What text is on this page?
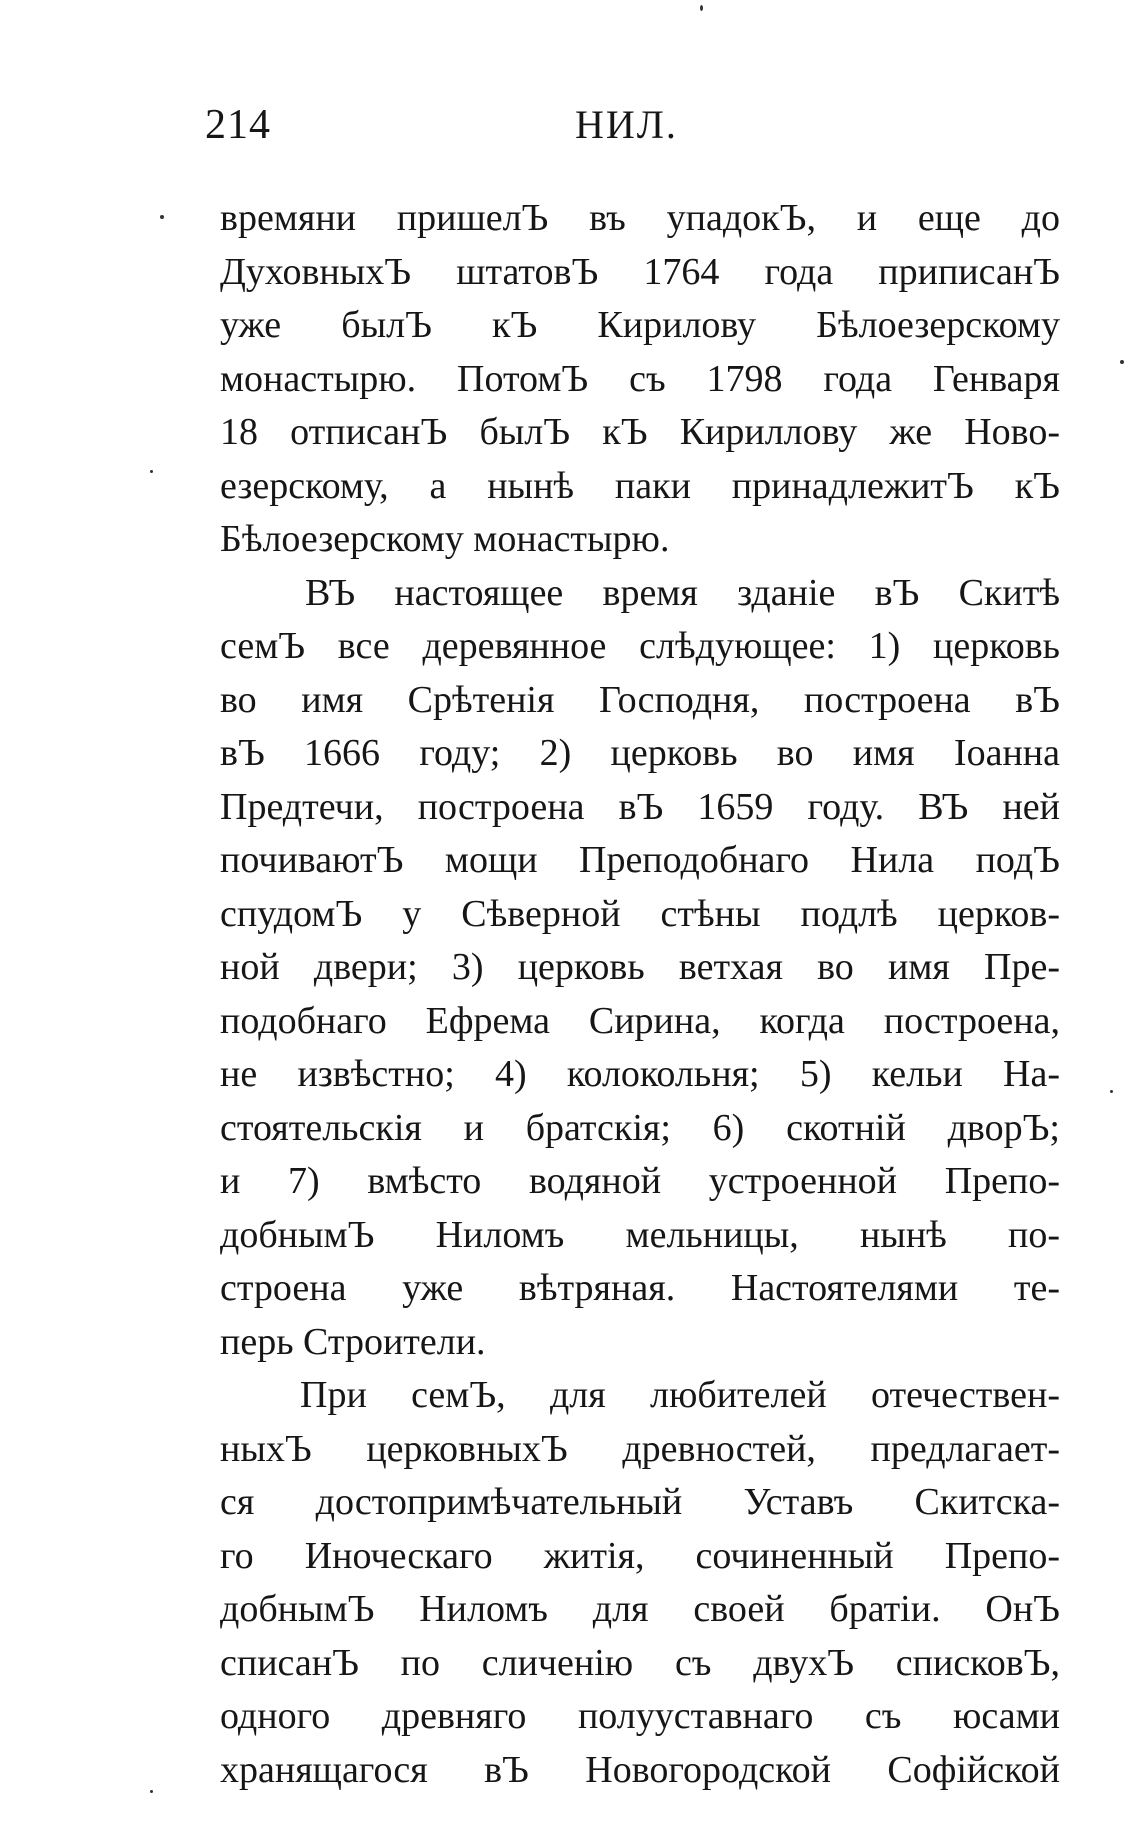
214	НИЛ.
времяни пришелЪ въ упадокЪ, и еще до
ДуховныхЪ штатовЪ 1764 года приписанЪ
уже былЪ кЪ Кирилову Бѣлоезерскому
монастырю. ПотомЪ съ 1798 года Генваря
18 отписанЪ былЪ кЪ Кириллову же Ново-
езерскому, а нынѣ паки принадлежитЪ кЪ
Бѣлоезерскому монастырю.
ВЪ настоящее время зданіе вЪ Скитѣ
семЪ все деревянное слѣдующее: 1) церковь
во имя Срѣтенія Господня, построена вЪ
вЪ 1666 году; 2) церковь во имя Іоанна
Предтечи, построена вЪ 1659 году. ВЪ ней
почиваютЪ мощи Преподобнаго Нила подЪ
спудомЪ у Сѣверной стѣны подлѣ церков-
ной двери; 3) церковь ветхая во имя Пре-
подобнаго Ефрема Сирина, когда построена,
не извѣстно; 4) колокольня; 5) кельи На-
стоятельскія и братскія; 6) скотній дворЪ;
и 7) вмѣсто водяной устроенной Препо-
добнымЪ Ниломъ мельницы, нынѣ по-
строена уже вѣтряная. Настоятелями те-
перь Строители.
При семЪ, для любителей отечествен-
ныхЪ церковныхЪ древностей, предлагает-
ся достопримѣчательный Уставъ Скитска-
го Иноческаго житія, сочиненный Препо-
добнымЪ Ниломъ для своей братіи. ОнЪ
списанЪ по сличенію съ двухЪ списковЪ,
одного древняго полууставнаго съ юсами
хранящагося вЪ Новогородской Софійской
